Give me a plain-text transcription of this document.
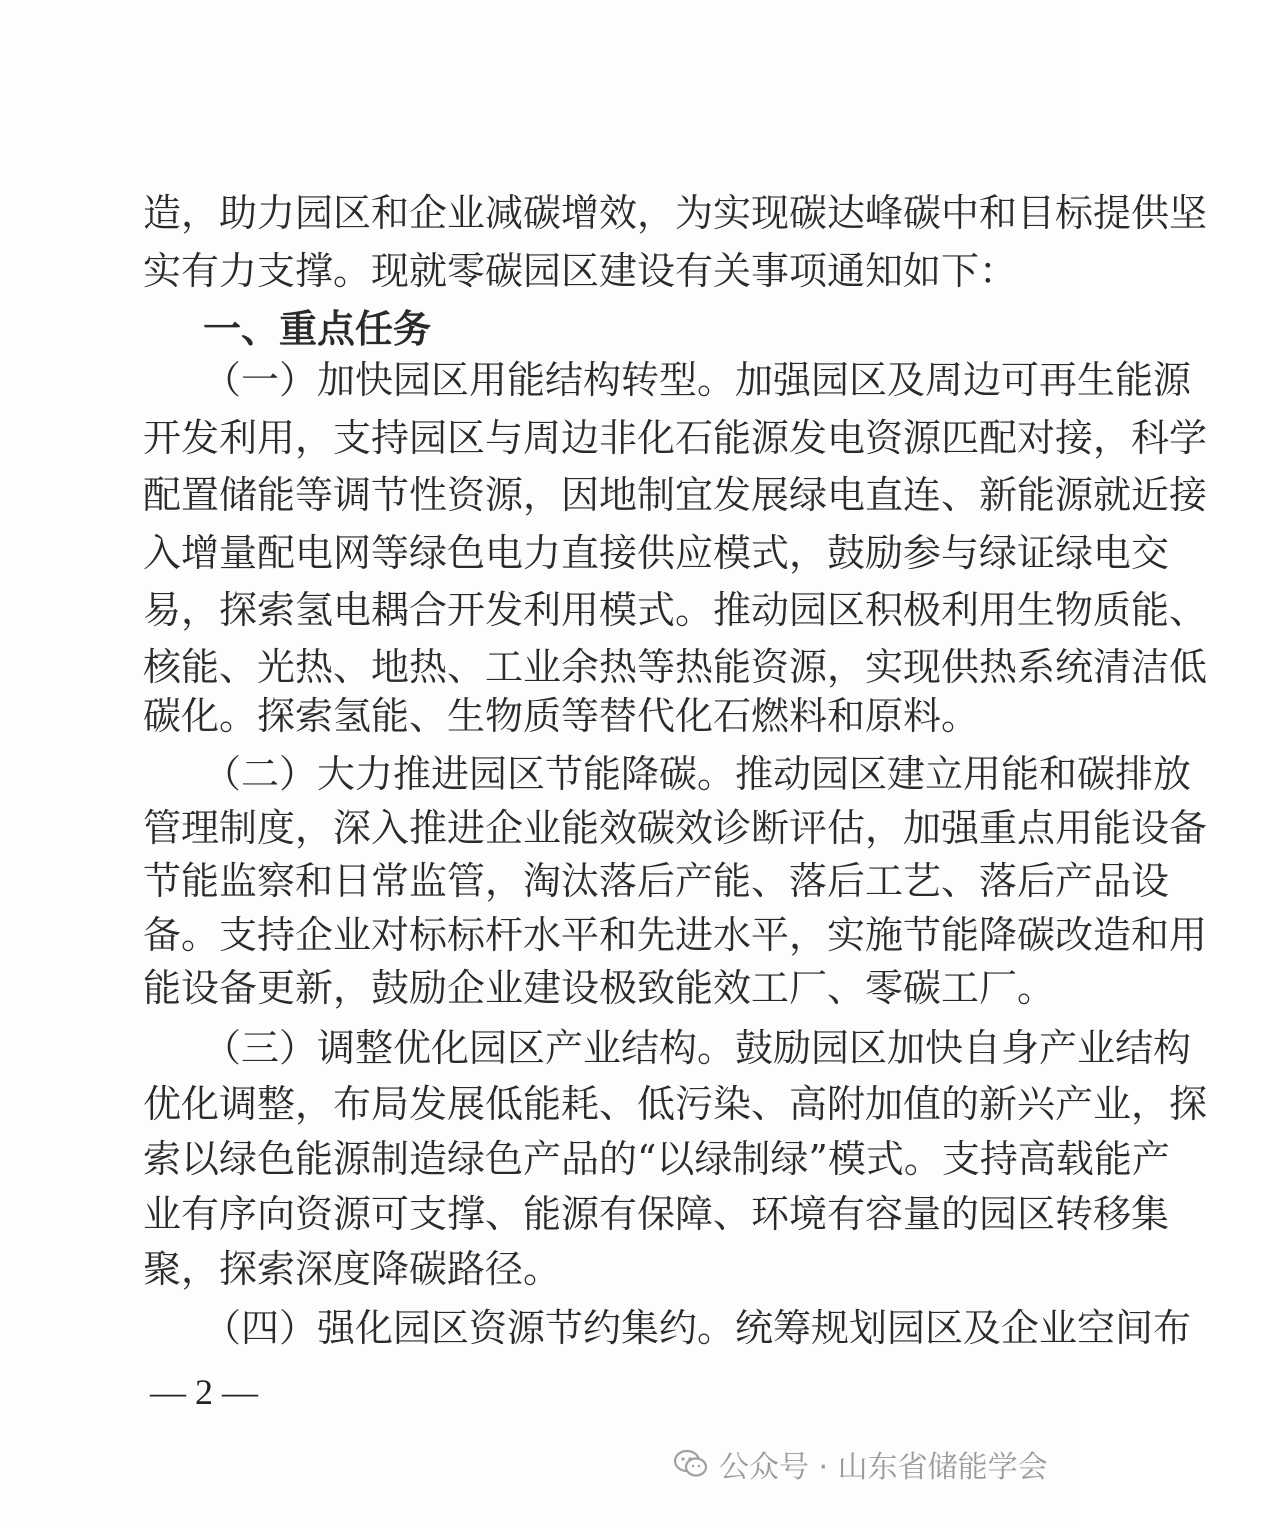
造，助力园区和企业减碳增效，为实现碳达峰碳中和目标提供坚
实有力支撑。现就零碳园区建设有关事项通知如下：
一、重点任务
（一）加快园区用能结构转型。加强园区及周边可再生能源
开发利用，支持园区与周边非化石能源发电资源匹配对接，科学
配置储能等调节性资源，因地制宜发展绿电直连、新能源就近接
入增量配电网等绿色电力直接供应模式，鼓励参与绿证绿电交
易，探索氢电耦合开发利用模式。推动园区积极利用生物质能、
核能、光热、地热、工业余热等热能资源，实现供热系统清洁低
碳化。探索氢能、生物质等替代化石燃料和原料。
（二）大力推进园区节能降碳。推动园区建立用能和碳排放
管理制度，深入推进企业能效碳效诊断评估，加强重点用能设备
节能监察和日常监管，淘汰落后产能、落后工艺、落后产品设
备。支持企业对标标杆水平和先进水平，实施节能降碳改造和用
能设备更新，鼓励企业建设极致能效工厂、零碳工厂。
（三）调整优化园区产业结构。鼓励园区加快自身产业结构
优化调整，布局发展低能耗、低污染、高附加值的新兴产业，探
索以绿色能源制造绿色产品的“以绿制绿”模式。支持高载能产
业有序向资源可支撑、能源有保障、环境有容量的园区转移集
聚，探索深度降碳路径。
（四）强化园区资源节约集约。统筹规划园区及企业空间布
— 2 —
公众号 · 山东省储能学会
